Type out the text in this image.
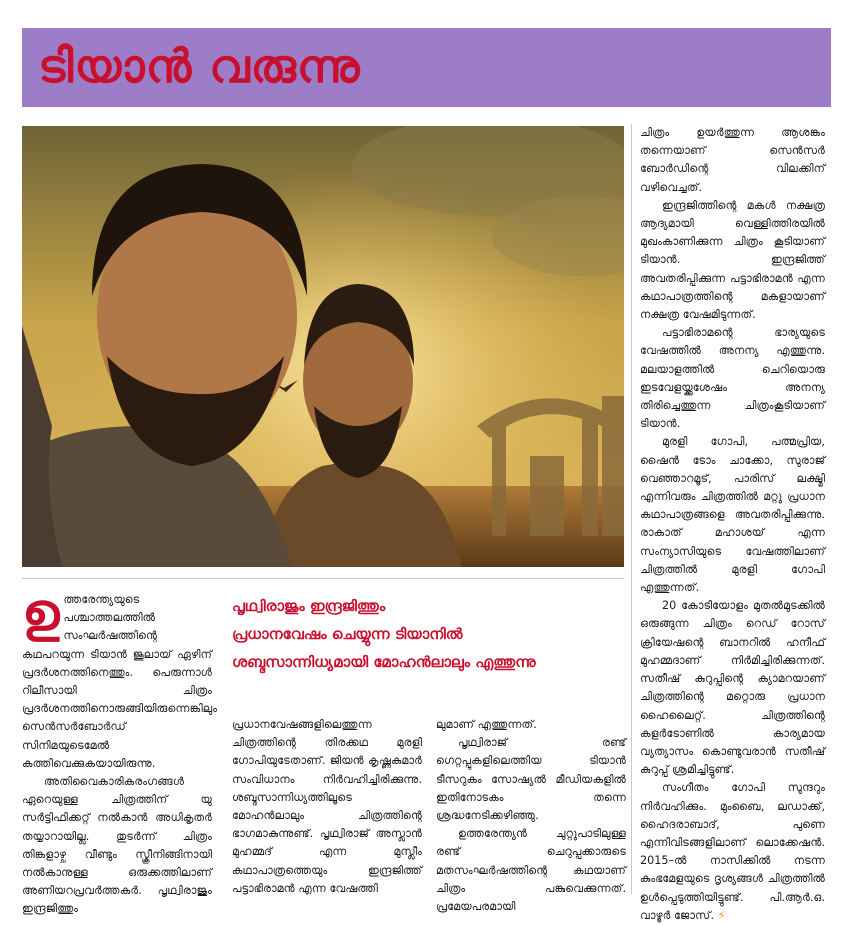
ടിയാൻ വരുന്നു

പൃഥ്വിരാജും ഇന്ദ്രജിത്തും

പ്രധാനവേഷം ചെയ്യുന്ന ടിയാനിൽ

ശബ്ദസാന്നിധ്യമായി മോഹൻലാലും എത്തുന്നു

ഉത്തരേന്ത്യയുടെ പശ്ചാത്തലത്തിൽ സംഘർഷത്തിന്റെ കഥപറയുന്ന ടിയാൻ ജൂലായ് ഏഴിന് പ്രദർശനത്തിനെത്തും. പെരുന്നാൾ റിലീസായി ചിത്രം പ്രദർശനത്തിനൊരുങ്ങിയിരുന്നെങ്കിലും സെൻസർബോർഡ് സിനിമയുടെമേൽ കത്തിവെക്കുകയായിരുന്നു.

അതിവൈകാരികരംഗങ്ങൾ ഏറെയുള്ള ചിത്രത്തിന് യു സർട്ടിഫിക്കറ്റ് നൽകാൻ അധികൃതർ തയ്യാറായില്ല. തുടർന്ന് ചിത്രം തിങ്കളാഴ്ച വീണ്ടും സ്ക്രീനിങ്ങിനായി നൽകാനുള്ള ഒരുക്കത്തിലാണ് അണിയറപ്രവർത്തകർ. പൃഥ്വിരാജും ഇന്ദ്രജിത്തും

പ്രധാനവേഷങ്ങളിലെത്തുന്ന ചിത്രത്തിന്റെ തിരക്കഥ മുരളി ഗോപിയുടേതാണ്. ജിയൻ കൃഷ്ണകുമാർ സംവിധാനം നിർവഹിച്ചിരിക്കുന്നു. ശബ്ദസാന്നിധ്യത്തിലൂടെ മോഹൻലാലും ചിത്രത്തിന്റെ ഭാഗമാകുന്നുണ്ട്. പൃഥ്വിരാജ് അസ്ലാൻ മുഹമ്മദ് എന്ന മുസ്ലീം കഥാപാത്രത്തെയും ഇന്ദ്രജിത്ത് പട്ടാഭിരാമൻ എന്ന വേഷത്തി

ലുമാണ് എത്തുന്നത്.

പൃഥ്വിരാജ് രണ്ട് ഗെറ്റപ്പുകളിലെത്തിയ ടിയാൻ ടീസറുകം സോഷ്യൽ മീഡിയകളിൽ ഇതിനോടകം തന്നെ ശ്രദ്ധനേടിക്കഴിഞ്ഞു.

ഉത്തരേന്ത്യൻ ചുറ്റുപാടിലുള്ള രണ്ട് ചെറുപ്പക്കാരുടെ മതസംഘർഷത്തിന്റെ കഥയാണ് ചിത്രം പങ്കുവെക്കുന്നത്. പ്രമേയപരമായി

ചിത്രം ഉയർത്തുന്ന ആശങ്കം തന്നെയാണ് സെൻസർ ബോർഡിന്റെ വിലക്കിന് വഴിവെച്ചത്.

ഇന്ദ്രജിത്തിന്റെ മകൾ നക്ഷത്ര ആദ്യമായി വെള്ളിത്തിരയിൽ മുഖംകാണിക്കുന്ന ചിത്രം കൂടിയാണ് ടിയാൻ. ഇന്ദ്രജിത്ത് അവതരിപ്പിക്കുന്ന പട്ടാഭിരാമൻ എന്ന കഥാപാത്രത്തിന്റെ മകളായാണ് നക്ഷത്ര വേഷമിടുന്നത്.

പട്ടാഭിരാമന്റെ ഭാര്യയുടെ വേഷത്തിൽ അനന്യ എത്തുന്നു. മലയാളത്തിൽ ചെറിയൊരു ഇടവേളയ്ക്കുശേഷം അനന്യ തിരിച്ചെത്തുന്ന ചിത്രംകൂടിയാണ് ടിയാൻ.

മുരളി ഗോപി, പത്മപ്രിയ, ഷൈൻ ടോം ചാക്കോ, സുരാജ് വെഞ്ഞാറമൂട്, പാരിസ് ലക്ഷ്മി എന്നിവരും ചിത്രത്തിൽ മറ്റു പ്രധാന കഥാപാത്രങ്ങളെ അവതരിപ്പിക്കുന്നു. രാകാത് മഹാശയ് എന്ന സംന്യാസിയുടെ വേഷത്തിലാണ് ചിത്രത്തിൽ മുരളി ഗോപി എത്തുന്നത്.

20 കോടിയോളം മുതൽമുടക്കിൽ ഒരുങ്ങുന്ന ചിത്രം റെഡ് റോസ് ക്രിയേഷന്റെ ബാനറിൽ ഹനീഫ് മുഹമ്മദാണ് നിർമിച്ചിരിക്കുന്നത്. സതീഷ് കുറുപ്പിന്റെ ക്യാമറയാണ് ചിത്രത്തിന്റെ മറ്റൊരു പ്രധാന ഹൈലൈറ്റ്. ചിത്രത്തിന്റെ കളർടോണിൽ കാര്യമായ വ്യത്യാസം കൊണ്ടുവരാൻ സതീഷ് കുറുപ്പ് ശ്രമിച്ചിട്ടുണ്ട്.

സംഗീതം ഗോപി സുന്ദറും നിർവഹിക്കും. മുംബൈ, ലഡാക്ക്, ഹൈദരാബാദ്, പുണെ എന്നിവിടങ്ങളിലാണ് ലൊക്കേഷൻ. 2015–ൽ നാസിക്കിൽ നടന്ന കുംഭമേളയുടെ ദൃശ്യങ്ങൾ ചിത്രത്തിൽ ഉൾപ്പെടുത്തിയിട്ടുണ്ട്. പി.ആർ.ഒ. വാഴൂർ ജോസ്. ⚡
